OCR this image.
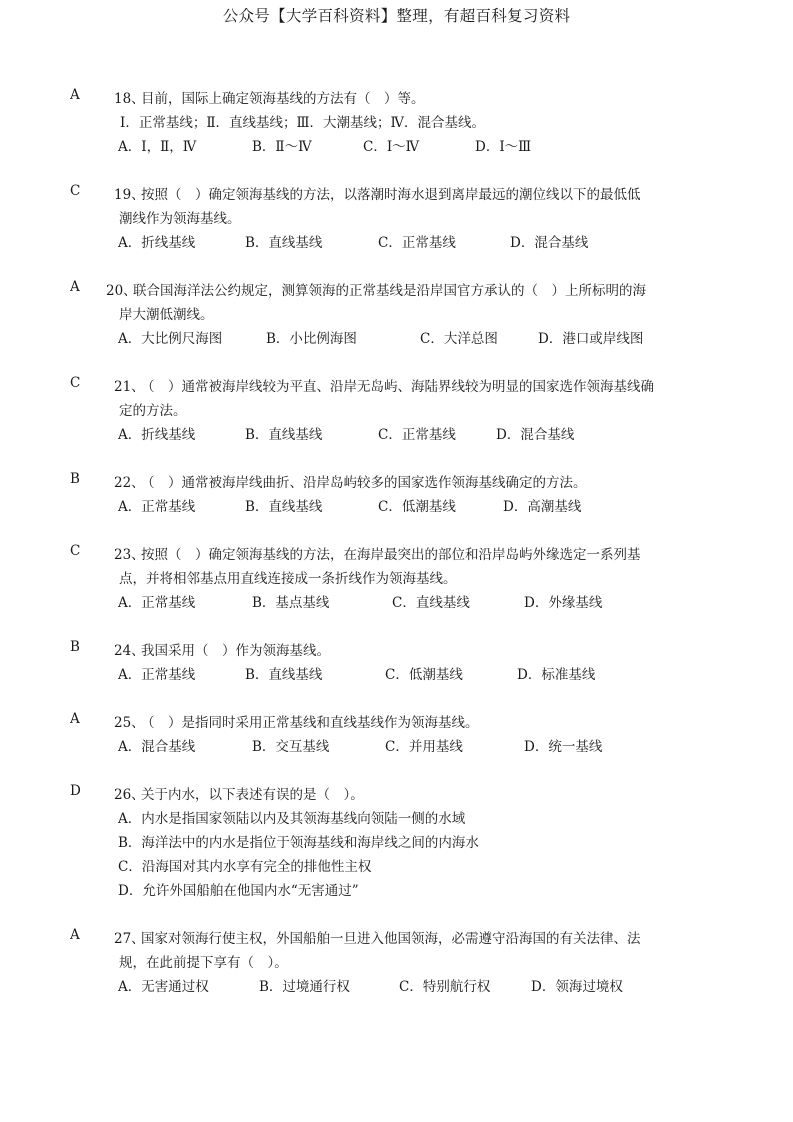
公众号【大学百科资料】整理，有超百科复习资料
A	18、
目前，国际上确定领海基线的方法有（　）等。
Ⅰ．正常基线；Ⅱ．直线基线；Ⅲ．大潮基线；Ⅳ．混合基线。
A．Ⅰ，Ⅱ，Ⅳ	B．Ⅱ～Ⅳ	C．Ⅰ～Ⅳ	D．Ⅰ～Ⅲ
C 19、
按照（　）确定领海基线的方法，以落潮时海水退到离岸最远的潮位线以下的最低低
潮线作为领海基线。
A．折线基线	B．直线基线	C．正常基线	D．混合基线
A 20、
联合国海洋法公约规定，测算领海的正常基线是沿岸国官方承认的（　）上所标明的海
岸大潮低潮线。
A．大比例尺海图	B．小比例海图	C．大洋总图	D．港口或岸线图
C 21、
（　）通常被海岸线较为平直、沿岸无岛屿、海陆界线较为明显的国家选作领海基线确
定的方法。
A．折线基线	B．直线基线	C．正常基线	D．混合基线
B	22、
（　）通常被海岸线曲折、沿岸岛屿较多的国家选作领海基线确定的方法。
A．正常基线	B．直线基线	C．低潮基线	D．高潮基线
C 23、
按照（　）确定领海基线的方法，在海岸最突出的部位和沿岸岛屿外缘选定一系列基
点，并将相邻基点用直线连接成一条折线作为领海基线。
A．正常基线	B．基点基线	C．直线基线	D．外缘基线
B	24、
我国采用（　）作为领海基线。
A．正常基线	B．直线基线	C．低潮基线	D．标准基线
A	25、
（　）是指同时采用正常基线和直线基线作为领海基线。
A．混合基线	B．交互基线	C．并用基线	D．统一基线
D 26、
关于内水，以下表述有误的是（　）。
A．内水是指国家领陆以内及其领海基线向领陆一侧的水域
B．海洋法中的内水是指位于领海基线和海岸线之间的内海水
C．沿海国对其内水享有完全的排他性主权
D．允许外国船舶在他国内水“无害通过”
A	27、
国家对领海行使主权，外国船舶一旦进入他国领海，必需遵守沿海国的有关法律、法
规，在此前提下享有（　）。
A．无害通过权	B．过境通行权	C．特别航行权	D．领海过境权
